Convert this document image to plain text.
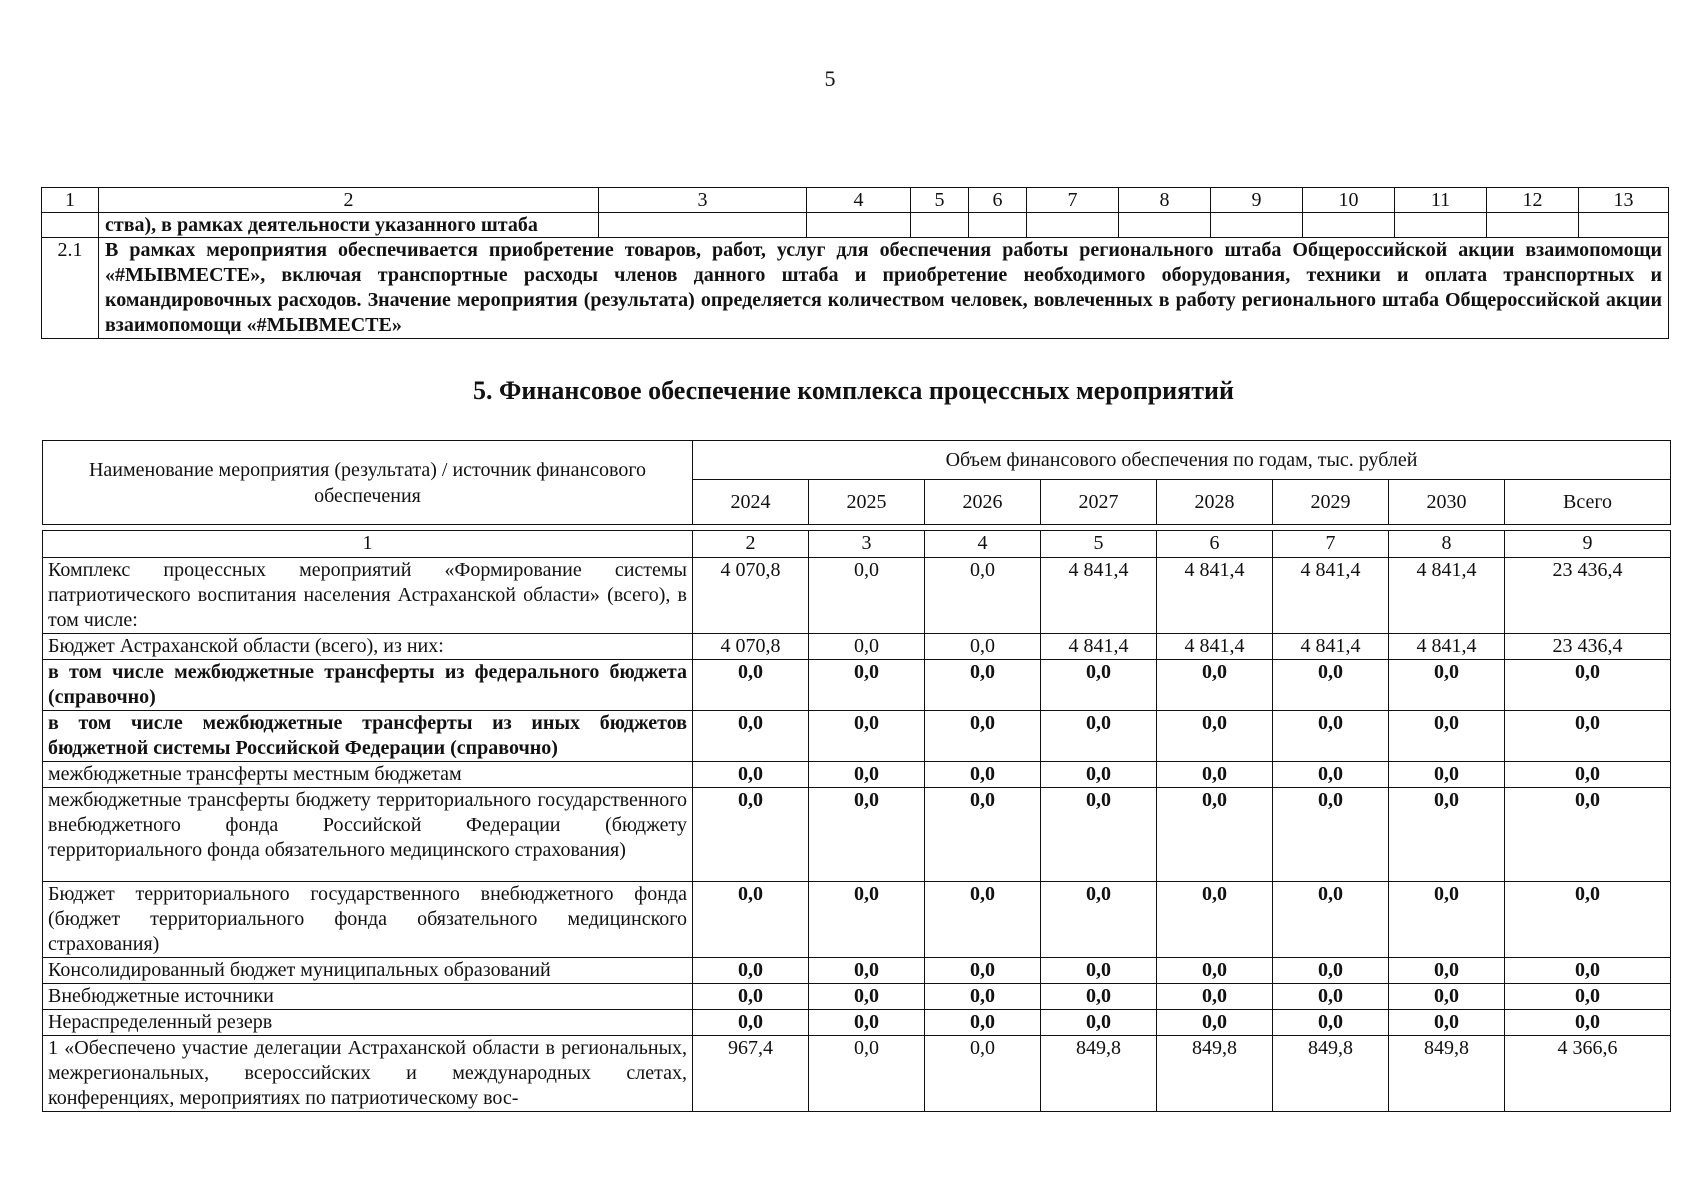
5
1	2	3	4	5	6	7	8	9	10	11	12	13
	ства), в рамках деятельности указанного штаба											
2.1	В рамках мероприятия обеспечивается приобретение товаров, работ, услуг для обеспечения работы регионального штаба Общероссийской акции взаимопомощи «#МЫВМЕСТЕ», включая транспортные расходы членов данного штаба и приобретение необходимого оборудования, техники и оплата транспортных и командировочных расходов. Значение мероприятия (результата) определяется количеством человек, вовлеченных в работу регионального штаба Общероссийской акции взаимопомощи «#МЫВМЕСТЕ»											
5. Финансовое обеспечение комплекса процессных мероприятий
Наименование мероприятия (результата) / источник финансового обеспечения	Объем финансового обеспечения по годам, тыс. рублей							
	2024	2025	2026	2027	2028	2029	2030	Всего
1	2	3	4	5	6	7	8	9
Комплекс процессных мероприятий «Формирование системы патриотического воспитания населения Астраханской области» (всего), в том числе:	4 070,8	0,0	0,0	4 841,4	4 841,4	4 841,4	4 841,4	23 436,4
Бюджет Астраханской области (всего), из них:	4 070,8	0,0	0,0	4 841,4	4 841,4	4 841,4	4 841,4	23 436,4
в том числе межбюджетные трансферты из федерального бюджета (справочно)	0,0	0,0	0,0	0,0	0,0	0,0	0,0	0,0
в том числе межбюджетные трансферты из иных бюджетов бюджетной системы Российской Федерации (справочно)	0,0	0,0	0,0	0,0	0,0	0,0	0,0	0,0
межбюджетные трансферты местным бюджетам	0,0	0,0	0,0	0,0	0,0	0,0	0,0	0,0
межбюджетные трансферты бюджету территориального государственного внебюджетного фонда Российской Федерации (бюджету территориального фонда обязательного медицинского страхования)	0,0	0,0	0,0	0,0	0,0	0,0	0,0	0,0
Бюджет территориального государственного внебюджетного фонда (бюджет территориального фонда обязательного медицинского страхования)	0,0	0,0	0,0	0,0	0,0	0,0	0,0	0,0
Консолидированный бюджет муниципальных образований	0,0	0,0	0,0	0,0	0,0	0,0	0,0	0,0
Внебюджетные источники	0,0	0,0	0,0	0,0	0,0	0,0	0,0	0,0
Нераспределенный резерв	0,0	0,0	0,0	0,0	0,0	0,0	0,0	0,0
1 «Обеспечено участие делегации Астраханской области в региональных, межрегиональных, всероссийских и международных слетах, конференциях, мероприятиях по патриотическому вос-	967,4	0,0	0,0	849,8	849,8	849,8	849,8	4 366,6
